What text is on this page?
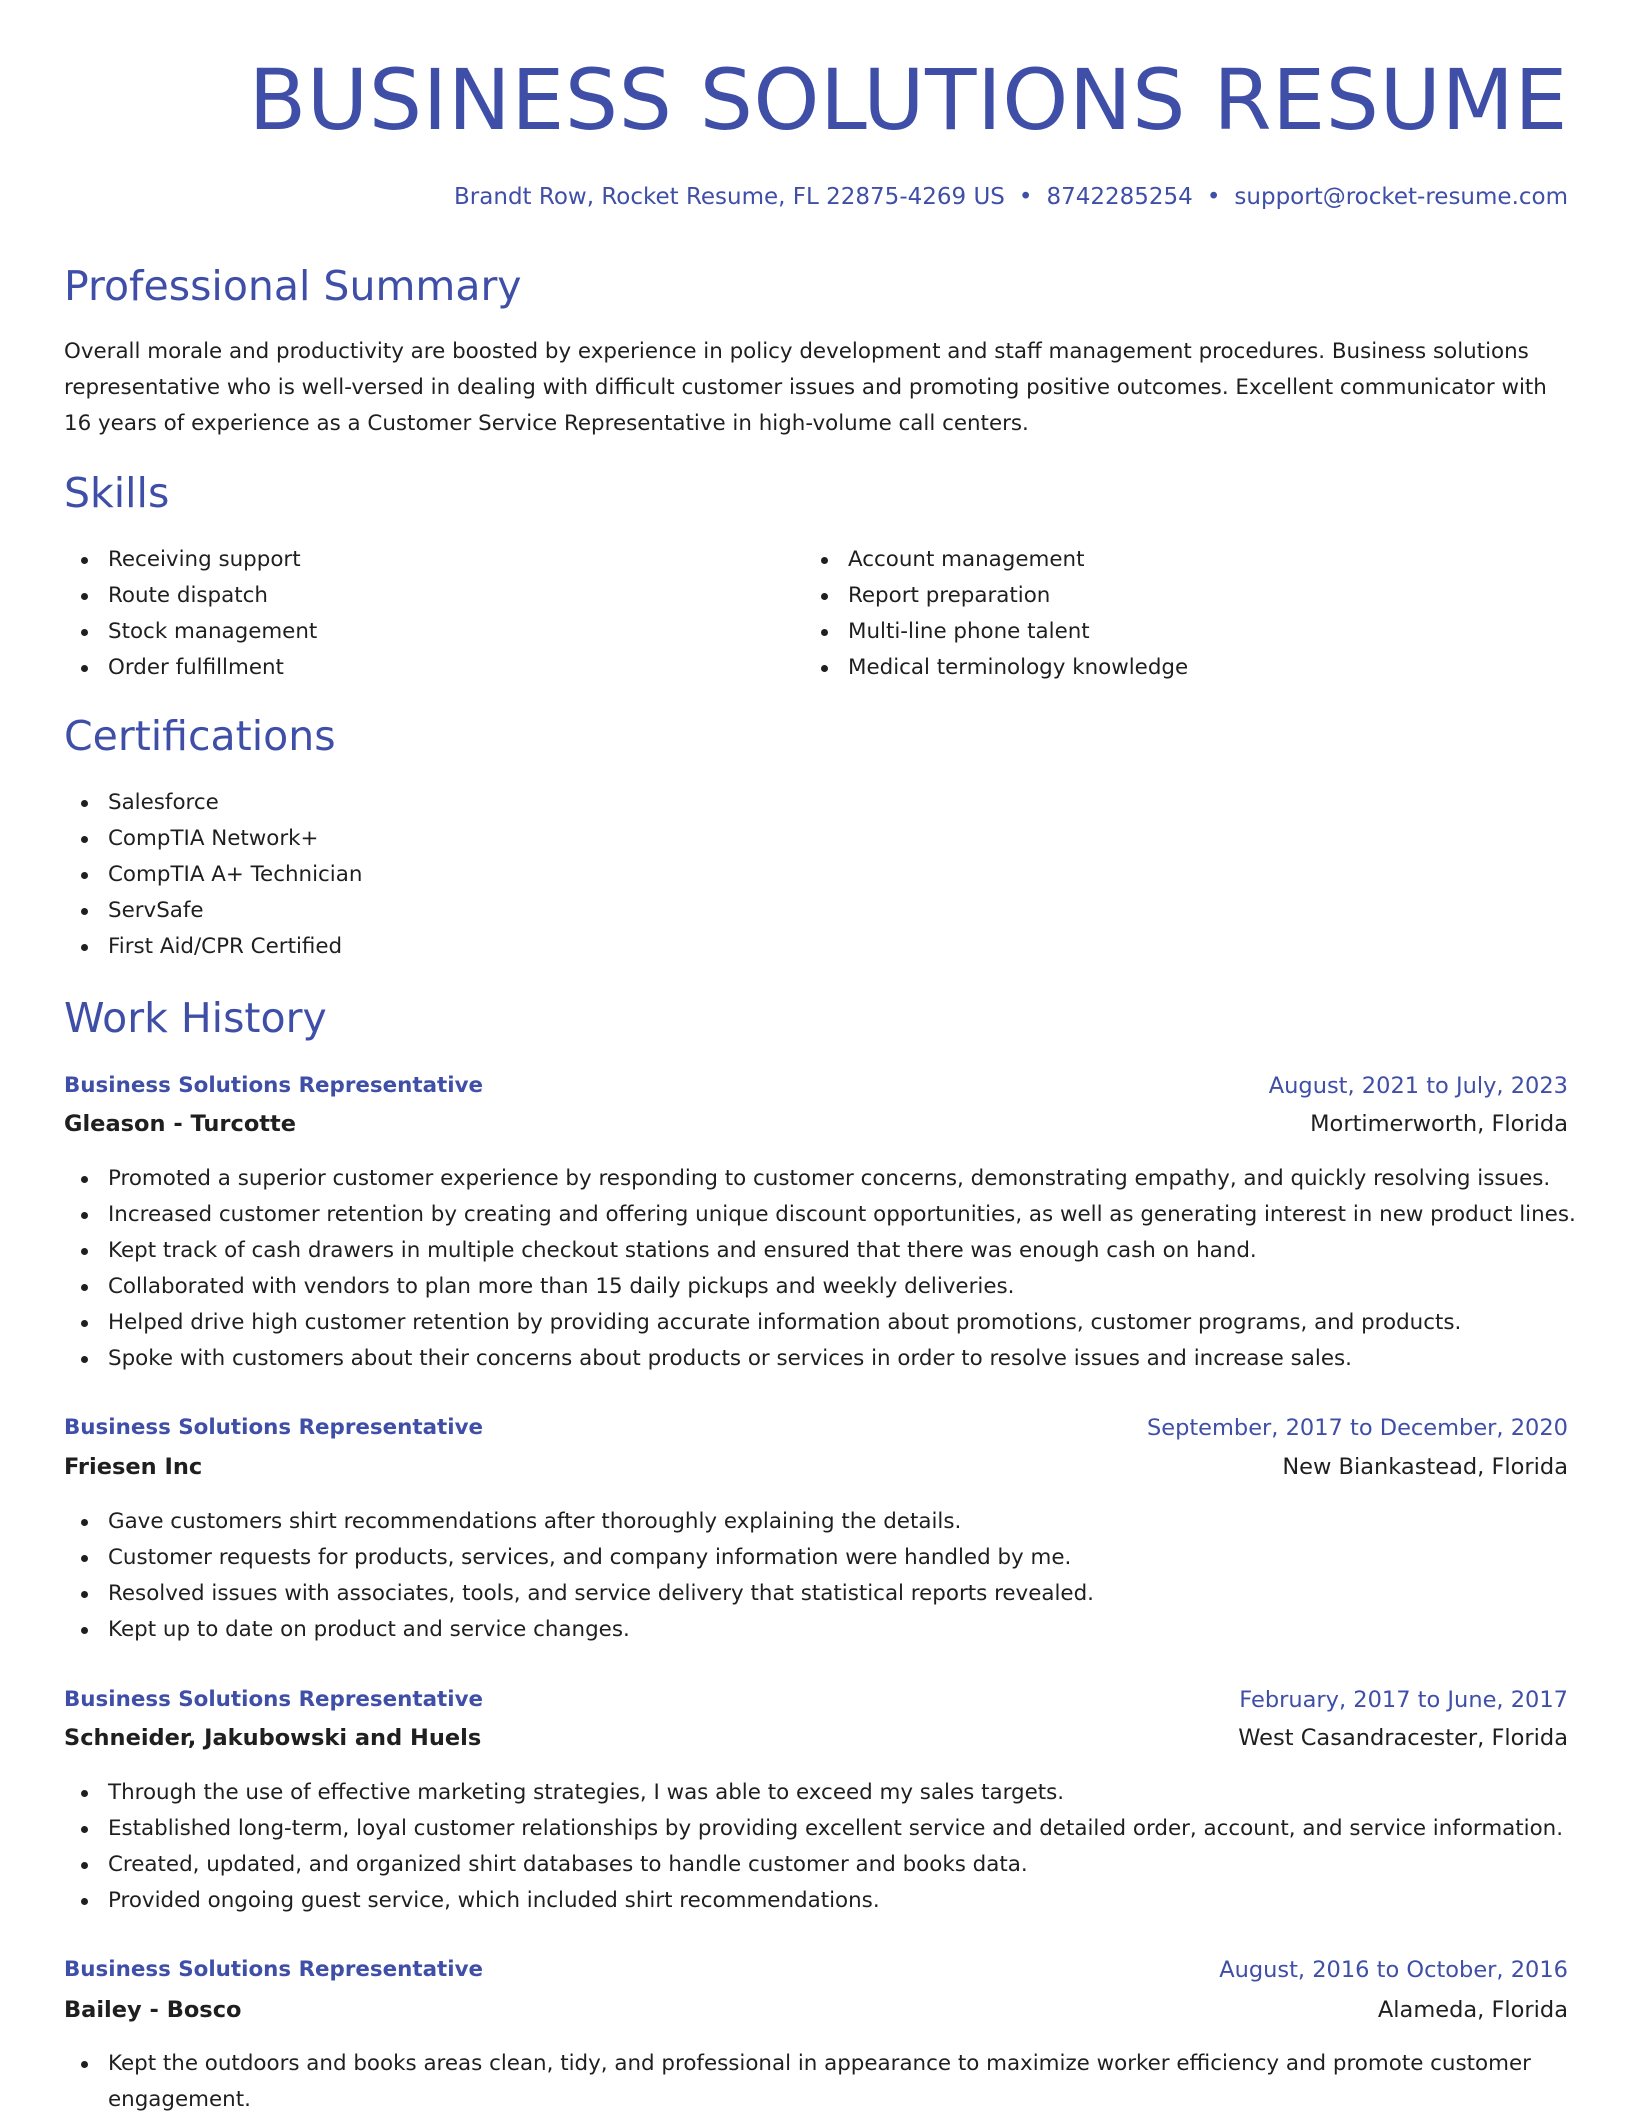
BUSINESS SOLUTIONS RESUME
Brandt Row, Rocket Resume, FL 22875-4269 US • 8742285254 • support@rocket-resume.com
Professional Summary

Overall morale and productivity are boosted by experience in policy development and staff management procedures. Business solutions representative who is well-versed in dealing with difficult customer issues and promoting positive outcomes. Excellent communicator with 16 years of experience as a Customer Service Representative in high-volume call centers.

Skills
Receiving support
Route dispatch
Stock management
Order fulfillment
Account management
Report preparation
Multi-line phone talent
Medical terminology knowledge
Certifications
Salesforce
CompTIA Network+
CompTIA A+ Technician
ServSafe
First Aid/CPR Certified
Work History
Business Solutions Representative	August, 2021 to July, 2023
Gleason - Turcotte	Mortimerworth, Florida
Promoted a superior customer experience by responding to customer concerns, demonstrating empathy, and quickly resolving issues.
Increased customer retention by creating and offering unique discount opportunities, as well as generating interest in new product lines.
Kept track of cash drawers in multiple checkout stations and ensured that there was enough cash on hand.
Collaborated with vendors to plan more than 15 daily pickups and weekly deliveries.
Helped drive high customer retention by providing accurate information about promotions, customer programs, and products.
Spoke with customers about their concerns about products or services in order to resolve issues and increase sales.
Business Solutions Representative	September, 2017 to December, 2020
Friesen Inc	New Biankastead, Florida
Gave customers shirt recommendations after thoroughly explaining the details.
Customer requests for products, services, and company information were handled by me.
Resolved issues with associates, tools, and service delivery that statistical reports revealed.
Kept up to date on product and service changes.
Business Solutions Representative	February, 2017 to June, 2017
Schneider, Jakubowski and Huels	West Casandracester, Florida
Through the use of effective marketing strategies, I was able to exceed my sales targets.
Established long-term, loyal customer relationships by providing excellent service and detailed order, account, and service information.
Created, updated, and organized shirt databases to handle customer and books data.
Provided ongoing guest service, which included shirt recommendations.
Business Solutions Representative	August, 2016 to October, 2016
Bailey - Bosco	Alameda, Florida
Kept the outdoors and books areas clean, tidy, and professional in appearance to maximize worker efficiency and promote customer engagement.
